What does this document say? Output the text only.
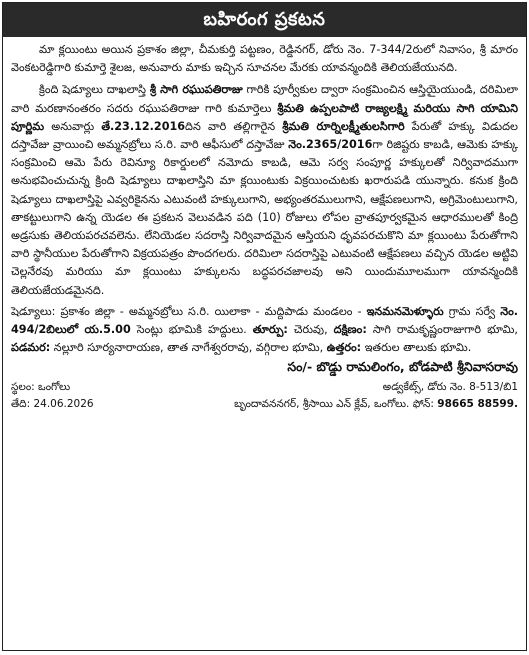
బహిరంగ ప్రకటన

మా క్లయింటు అయిన ప్రకాశం జిల్లా, చీమకుర్తి పట్టణం, రెడ్డినగర్, డోరు నెం. 7-344/2రులో నివాసం, శ్రీ మారం వెంకటరెడ్డిగారి కుమార్తె శైలజ, అనువారు మాకు ఇచ్చిన సూచనల మేరకు యావన్మందికి తెలియజేయునది.

క్రింది షెడ్యూలు దాఖలాస్తి శ్రీ సాగి రఘుపతిరాజు గారికి పూర్వీకుల ద్వారా సంక్రమించిన ఆస్తియైయుండి, దరిమిలా వారి మరణానంతరం సదరు రఘుపతిరాజు గారి కుమార్తెలు శ్రీమతి ఉప్పలపాటి రాజ్యలక్ష్మి మరియు సాగి యామిని పూర్ణిమ అనువార్లు తే.23.12.2016దిన వారి తల్లిగారైన శ్రీమతి రూర్నిలక్ష్మీతులసిగారి పేరుతో హక్కు విడుదల దస్తావేజు వ్రాయించి అమ్మనబ్రోలు స.రి. వారి ఆఫీసులో దస్తావేజు నెం.2365/2016గా రిజిష్టరు కాబడి, ఆమెకు హక్కు సంక్రమించి ఆమె పేరు రెవిన్యూ రికార్డులలో నమోదు కాబడి, ఆమె సర్వ సంపూర్ణ హక్కులతో నిర్వివాదముగా అనుభవించుచున్న క్రింది షెడ్యూలు దాఖలాస్తిని మా క్లయింటుకు విక్రయించుటకు ఖరారుపడి యున్నారు. కనుక క్రింది షెడ్యూలు దాఖలాస్తిపై ఎవ్వరికైనను ఎటువంటి హక్కులుగాని, అభ్యంతరములుగాని, ఆక్షేపణలుగాని, అగ్రిమెంటులుగాని, తాకట్టులుగాని ఉన్న యెడల ఈ ప్రకటన వెలువడిన పది (10) రోజులు లోపల వ్రాతపూర్వకమైన ఆధారములతో కింద్రి అడ్రసుకు తెలియపరచవలెను. లేనియెడల సదరాస్తి నిర్వివాదమైన ఆస్తియని ధృవపరచుకొని మా క్లయింటు పేరుతోగాని వారి స్థానీయుల పేరుతోగాని విక్రయపత్రం పొందగలరు. దరిమిలా సదరాస్తిపై ఎటువంటి ఆక్షేపణలు వచ్చిన యెడల అట్టివి చెల్లనేరవు మరియు మా క్లయింటు హక్కులను బద్ధపరచజాలవు అని యిందుమూలముగా యావన్మందికి తెలియజేయడమైనది.

షెడ్యూలు: ప్రకాశం జిల్లా - అమ్మనబ్రోలు స.రి. యిలాకా - మద్దిపాడు మండలం - ఇనమనమెళ్ళూరు గ్రామ సర్వే నెం. 494/2బిలులో య.5.00 సెంట్లు భూమికి హద్దులు. తూర్పు: చెరువు, దక్షిణం: సాగి రామకృష్ణంరాజుగారి భూమి, పడమర: నల్లూరి సూర్యనారాయణ, తాత నాగేశ్వరరావు, వగ్గిరాల భూమి, ఉత్తరం: ఇతరుల తాలుకు భూమి.

సం/- బొడ్డు రామలింగం, బోడపాటి శ్రీనివాసరావు
స్థలం: ఒంగోలు	అడ్వకేట్స్, డోరు నెం. 8-513/బి1
తేది: 24.06.2026	బృందావననగర్, శ్రీసాయి ఎన్ క్లేవ్, ఒంగోలు. ఫోన్: 98665 88599.
